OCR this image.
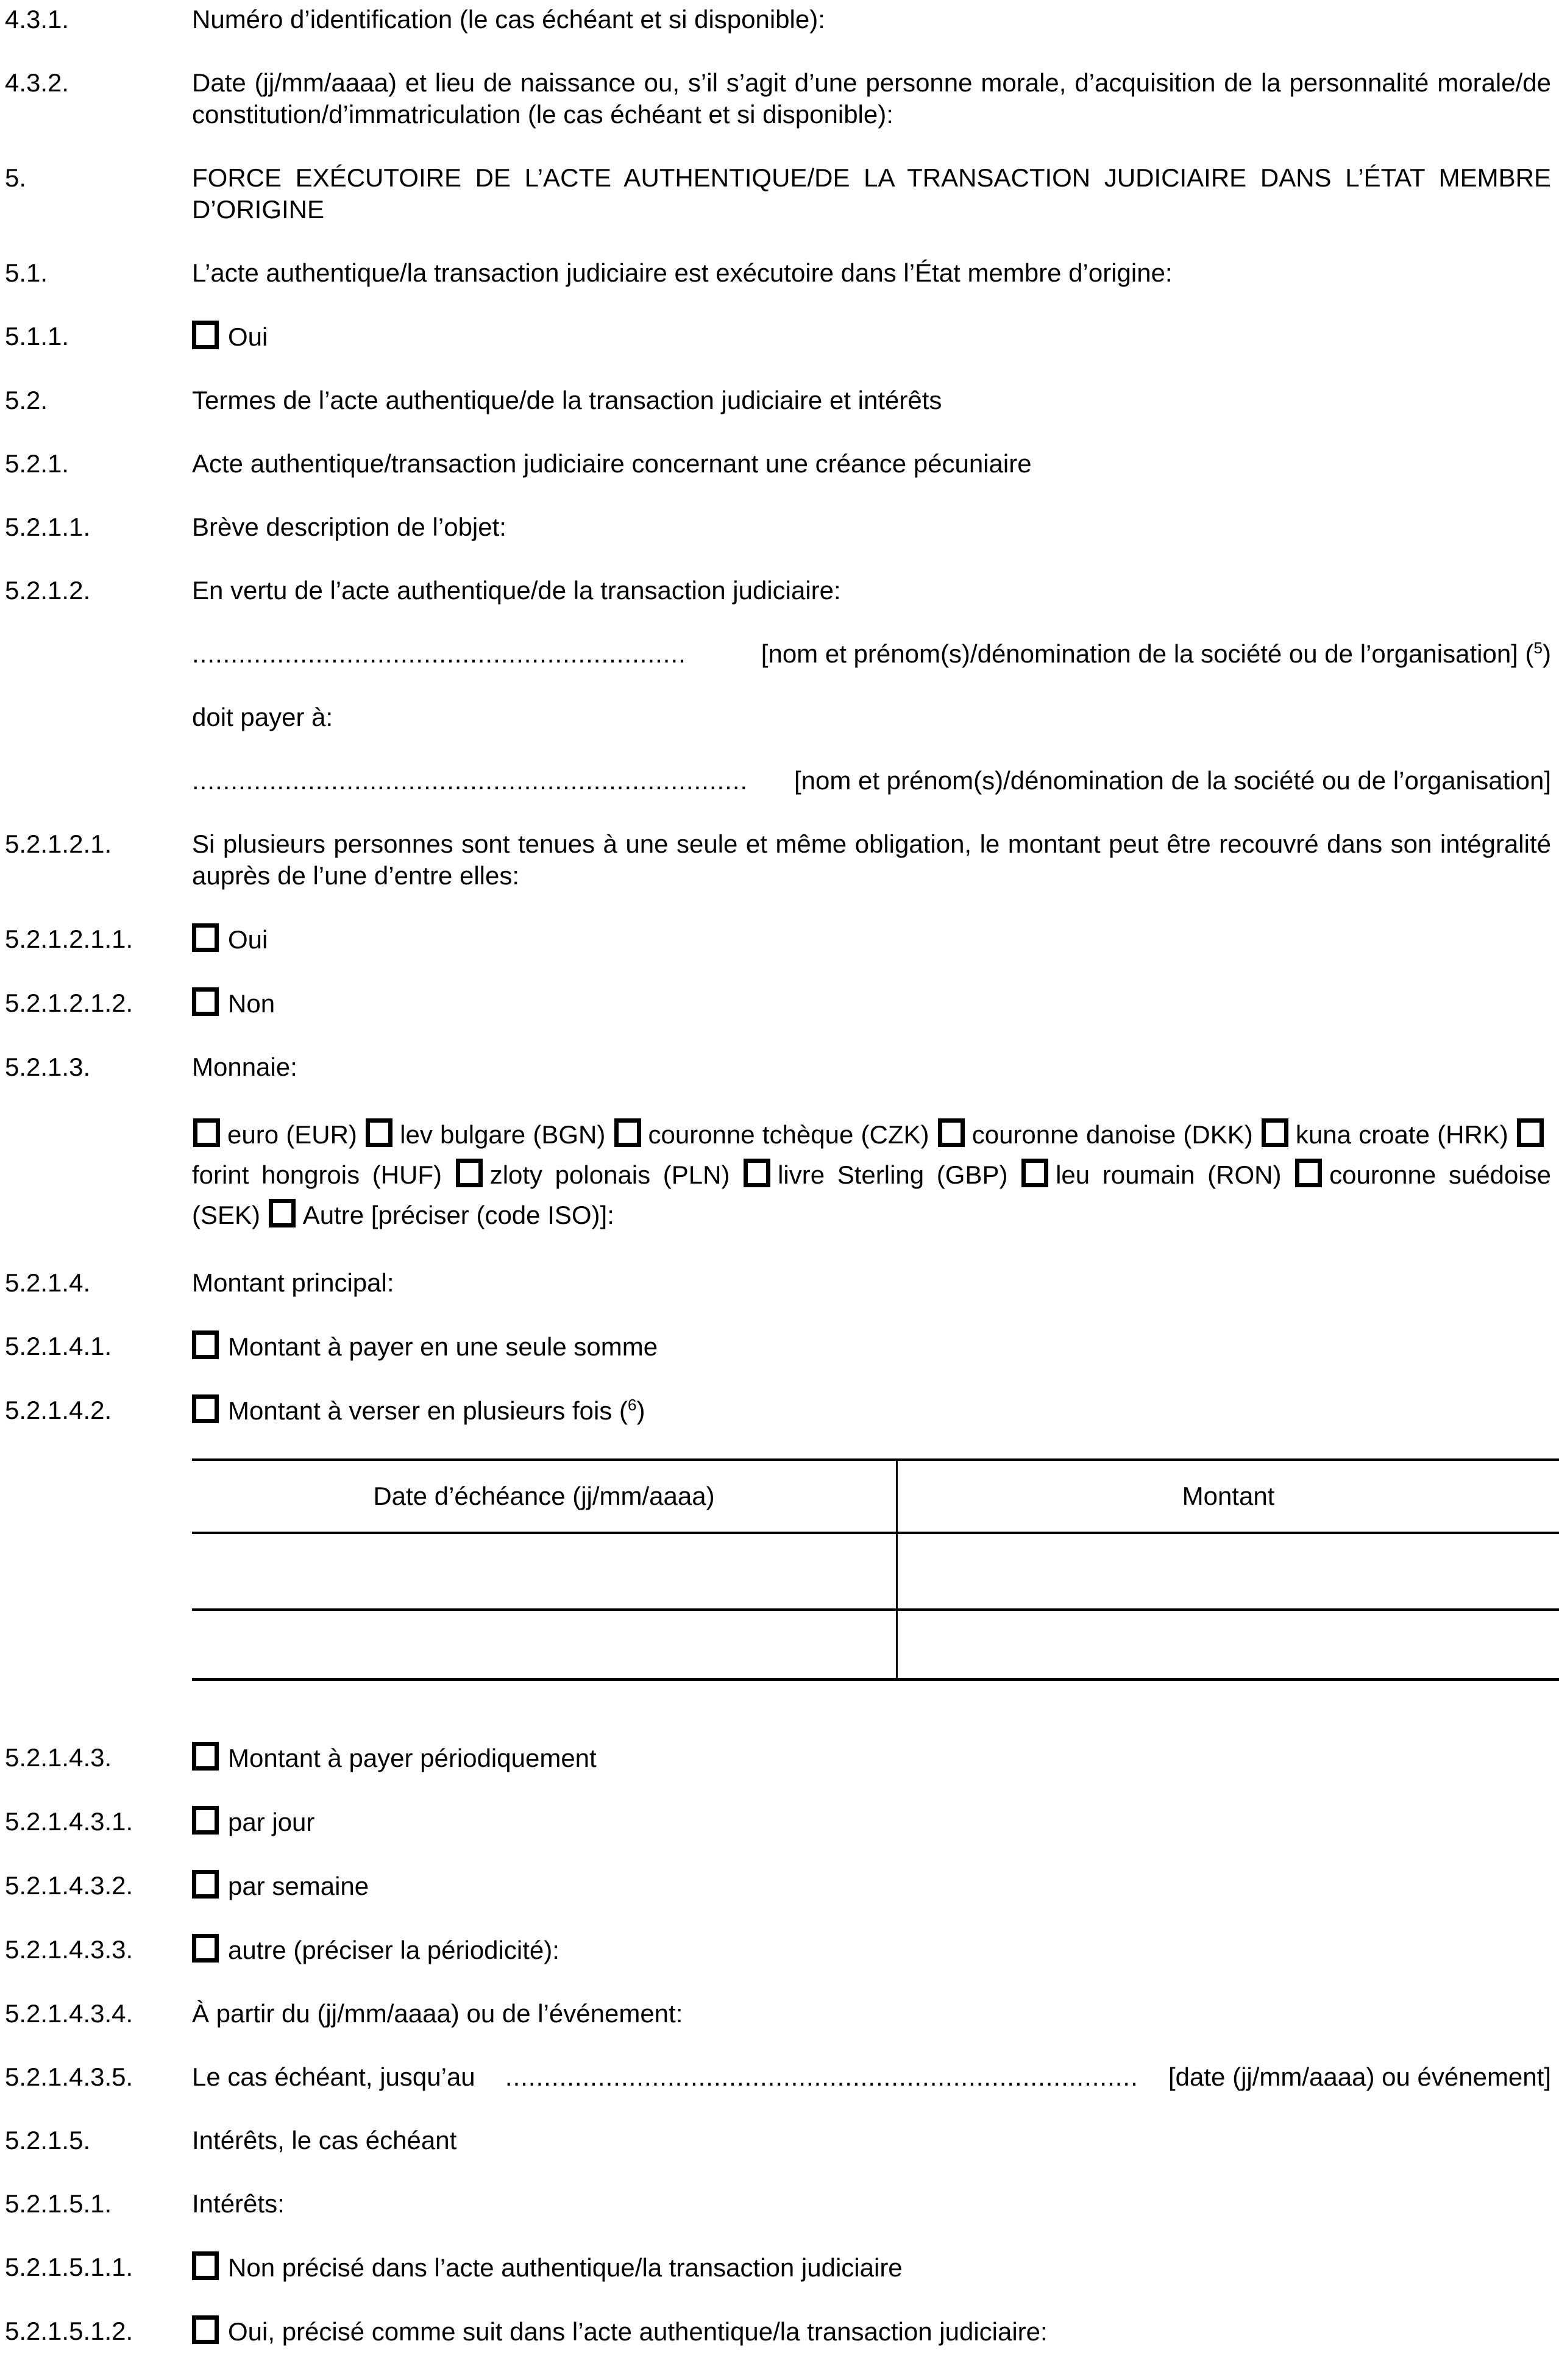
4.3.1.	Numéro d’identification (le cas échéant et si disponible):

4.3.2.	Date (jj/mm/aaaa) et lieu de naissance ou, s’il s’agit d’une personne morale, d’acquisition de la personnalité morale/de constitution/d’immatriculation (le cas échéant et si disponible):

5.	FORCE EXÉCUTOIRE DE L’ACTE AUTHENTIQUE/DE LA TRANSACTION JUDICIAIRE DANS L’ÉTAT MEMBRE D’ORIGINE

5.1.	L’acte authentique/la transaction judiciaire est exécutoire dans l’État membre d’origine:

5.1.1.	Oui
5.2.	Termes de l’acte authentique/de la transaction judiciaire et intérêts

5.2.1.	Acte authentique/transaction judiciaire concernant une créance pécuniaire

5.2.1.1.	Brève description de l’objet:

5.2.1.2.	En vertu de l’acte authentique/de la transaction judiciaire:

................................................................	[nom et prénom(s)/dénomination de la société ou de l’organisation] ($^5$)

doit payer à:

........................................................................ [nom et prénom(s)/dénomination de la société ou de l’organisation]
5.2.1.2.1.	Si plusieurs personnes sont tenues à une seule et même obligation, le montant peut être recouvré dans son intégralité auprès de l’une d’entre elles:

5.2.1.2.1.1.	Oui
5.2.1.2.1.2.	Non
5.2.1.3.	Monnaie:

euro (EUR) lev bulgare (BGN) couronne tchèque (CZK) couronne danoise (DKK) kuna croate (HRK) forint hongrois (HUF) zloty polonais (PLN) livre Sterling (GBP) leu roumain (RON) couronne suédoise (SEK) Autre [préciser (code ISO)]:

5.2.1.4.	Montant principal:

5.2.1.4.1.	Montant à payer en une seule somme
5.2.1.4.2.	Montant à verser en plusieurs fois ($^6$)
Date d’échéance (jj/mm/aaaa)	Montant

5.2.1.4.3.	Montant à payer périodiquement
5.2.1.4.3.1.	par jour
5.2.1.4.3.2.	par semaine
5.2.1.4.3.3.	autre (préciser la périodicité):
5.2.1.4.3.4.	À partir du (jj/mm/aaaa) ou de l’événement:

5.2.1.4.3.5.	Le cas échéant, jusqu’au .................................................................................. [date (jj/mm/aaaa) ou événement]
5.2.1.5.	Intérêts, le cas échéant

5.2.1.5.1.	Intérêts:

5.2.1.5.1.1.	Non précisé dans l’acte authentique/la transaction judiciaire
5.2.1.5.1.2.	Oui, précisé comme suit dans l’acte authentique/la transaction judiciaire:
